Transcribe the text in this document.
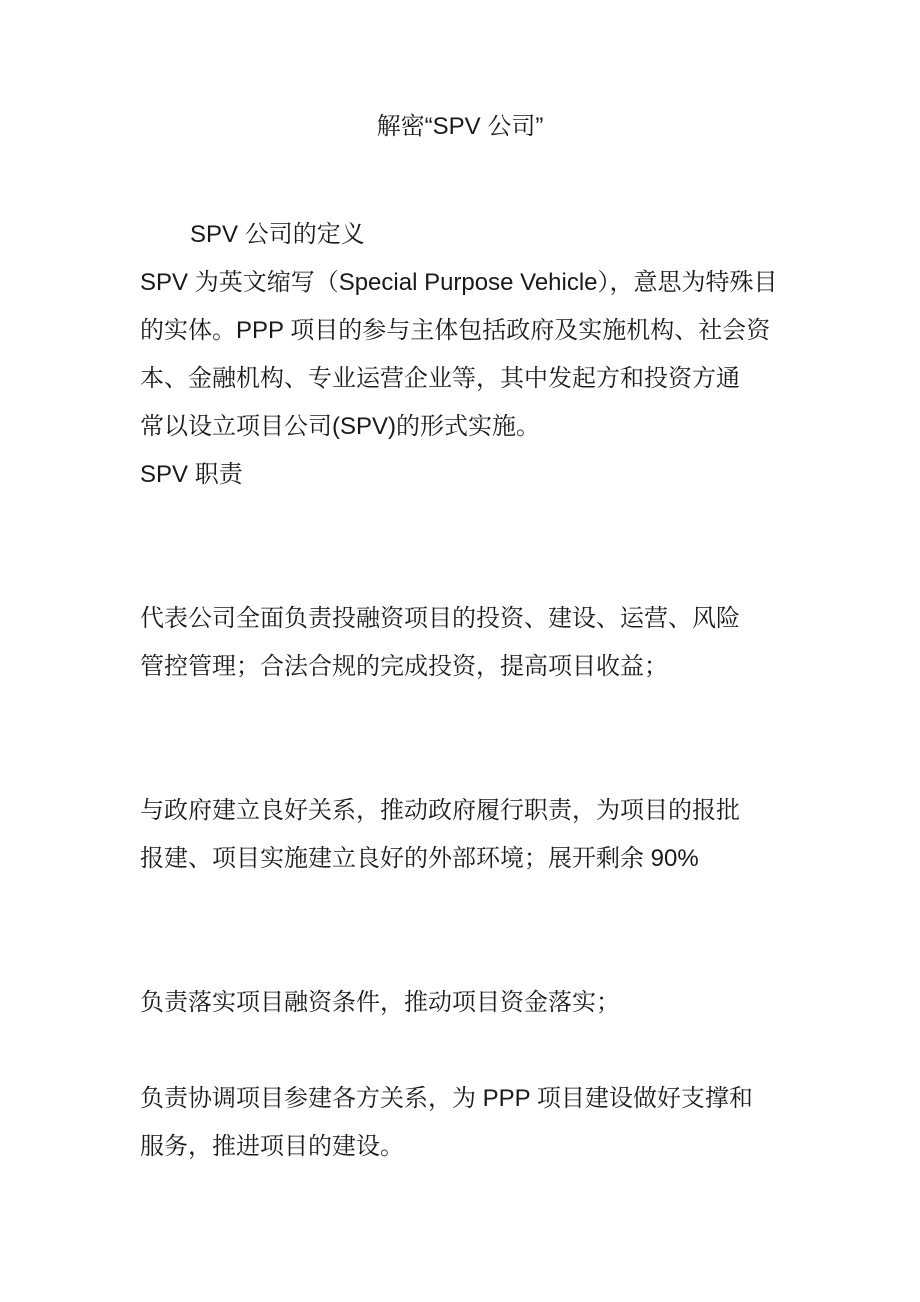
解密“SPV 公司”
SPV 公司的定义
SPV 为英文缩写（Special Purpose Vehicle），意思为特殊目
的实体。PPP 项目的参与主体包括政府及实施机构、社会资
本、金融机构、专业运营企业等，其中发起方和投资方通
常以设立项目公司(SPV)的形式实施。
SPV 职责
代表公司全面负责投融资项目的投资、建设、运营、风险
管控管理；合法合规的完成投资，提高项目收益；
与政府建立良好关系，推动政府履行职责，为项目的报批
报建、项目实施建立良好的外部环境；展开剩余 90%
负责落实项目融资条件，推动项目资金落实；
负责协调项目参建各方关系，为 PPP 项目建设做好支撑和
服务，推进项目的建设。
